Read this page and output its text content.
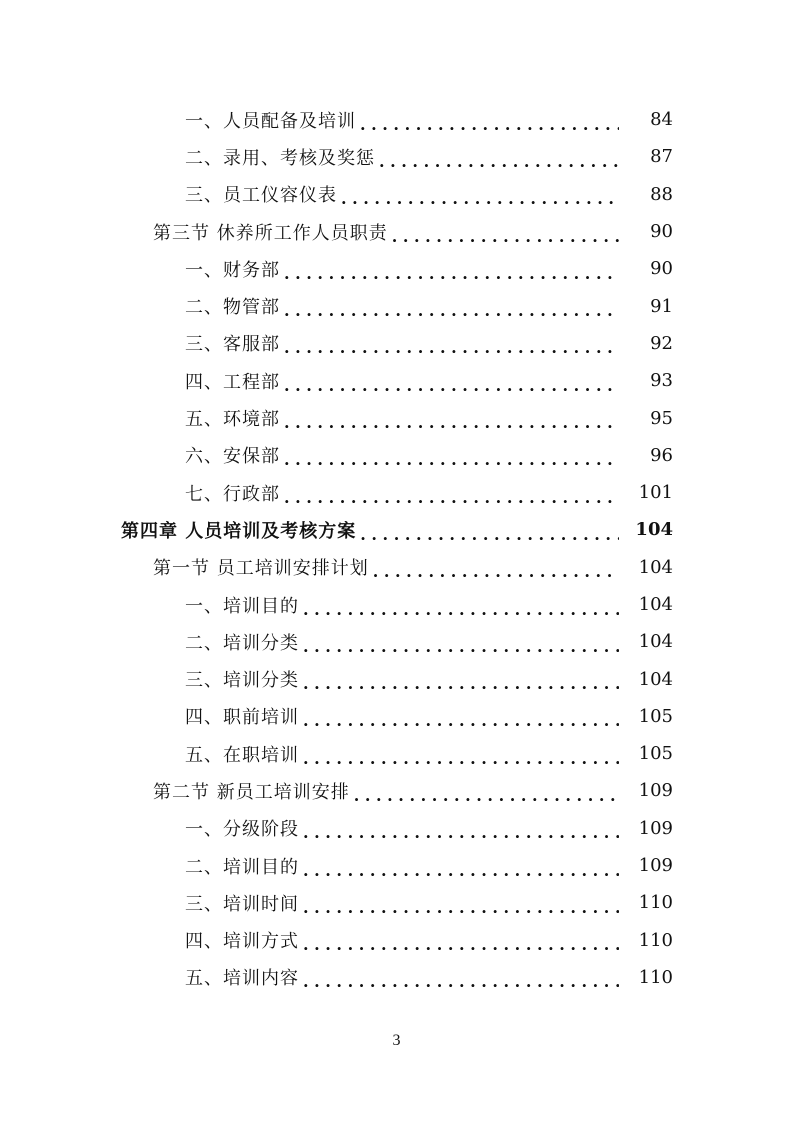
一、人员配备及培训 . . .	84
二、录用、考核及奖惩 . . .	87
三、员工仪容仪表 . . .	88
第三节 休养所工作人员职责 . . .	90
一、财务部 . . .	90
二、物管部 . . .	91
三、客服部 . . .	92
四、工程部 . . .	93
五、环境部 . . .	95
六、安保部 . . .	96
七、行政部 . . .	101
第四章 人员培训及考核方案 . . .	104
第一节 员工培训安排计划 . . .	104
一、培训目的 . . .	104
二、培训分类 . . .	104
三、培训分类 . . .	104
四、职前培训 . . .	105
五、在职培训 . . .	105
第二节 新员工培训安排 . . .	109
一、分级阶段 . . .	109
二、培训目的 . . .	109
三、培训时间 . . .	110
四、培训方式 . . .	110
五、培训内容 . . .	110
3
